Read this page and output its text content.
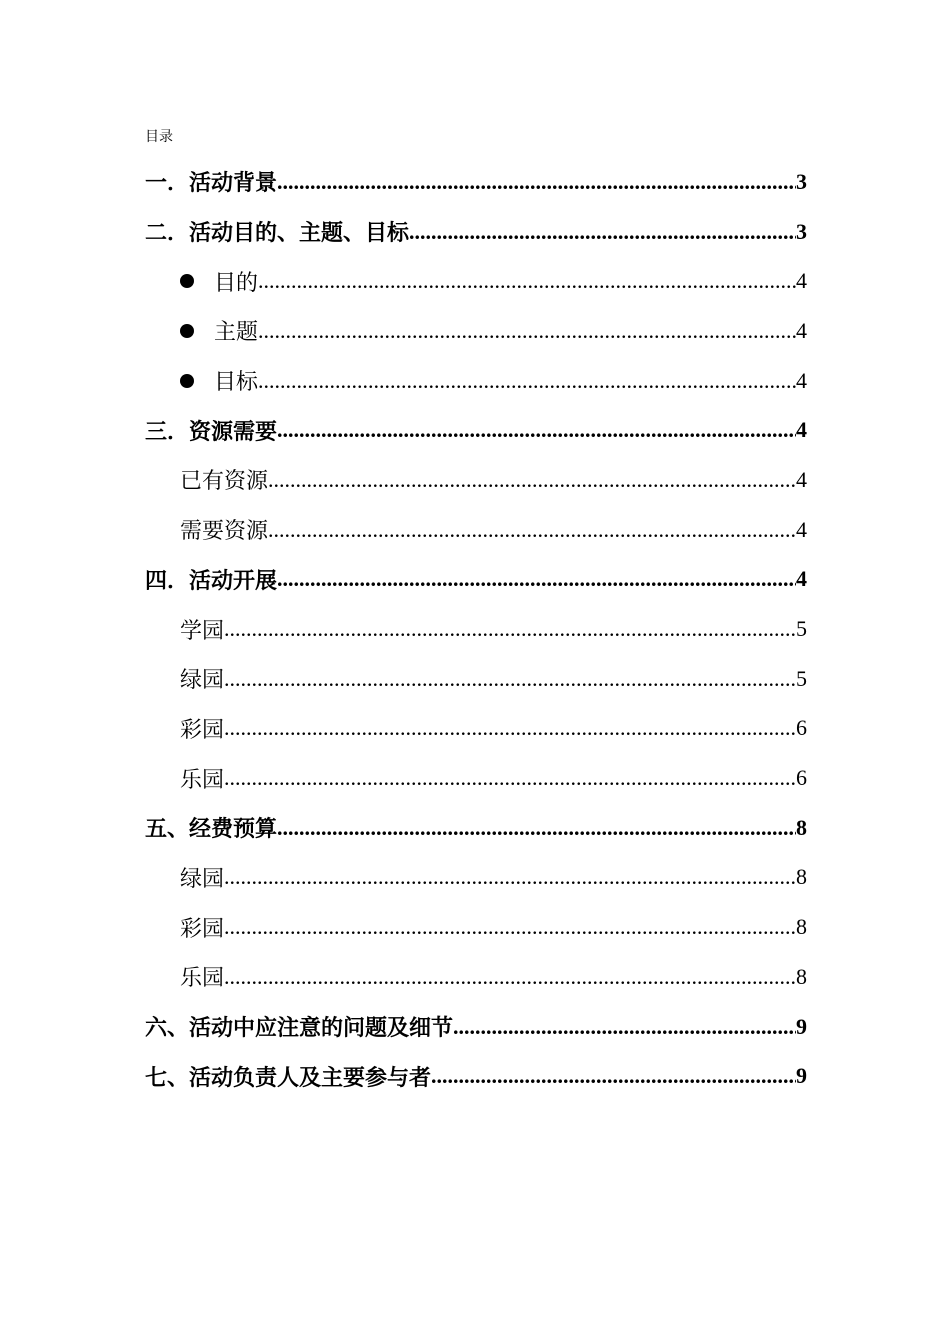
目录
一．活动背景 .....	3
二．活动目的、主题、目标 .....	3
目的 .....	4
主题 .....	4
目标 .....	4
三．资源需要 .....	4
已有资源 .....	4
需要资源 .....	4
四．活动开展 .....	4
学园 .....	5
绿园 .....	5
彩园 .....	6
乐园 .....	6
五、经费预算 .....	8
绿园 .....	8
彩园 .....	8
乐园 .....	8
六、活动中应注意的问题及细节 .....	9
七、活动负责人及主要参与者 .....	9
